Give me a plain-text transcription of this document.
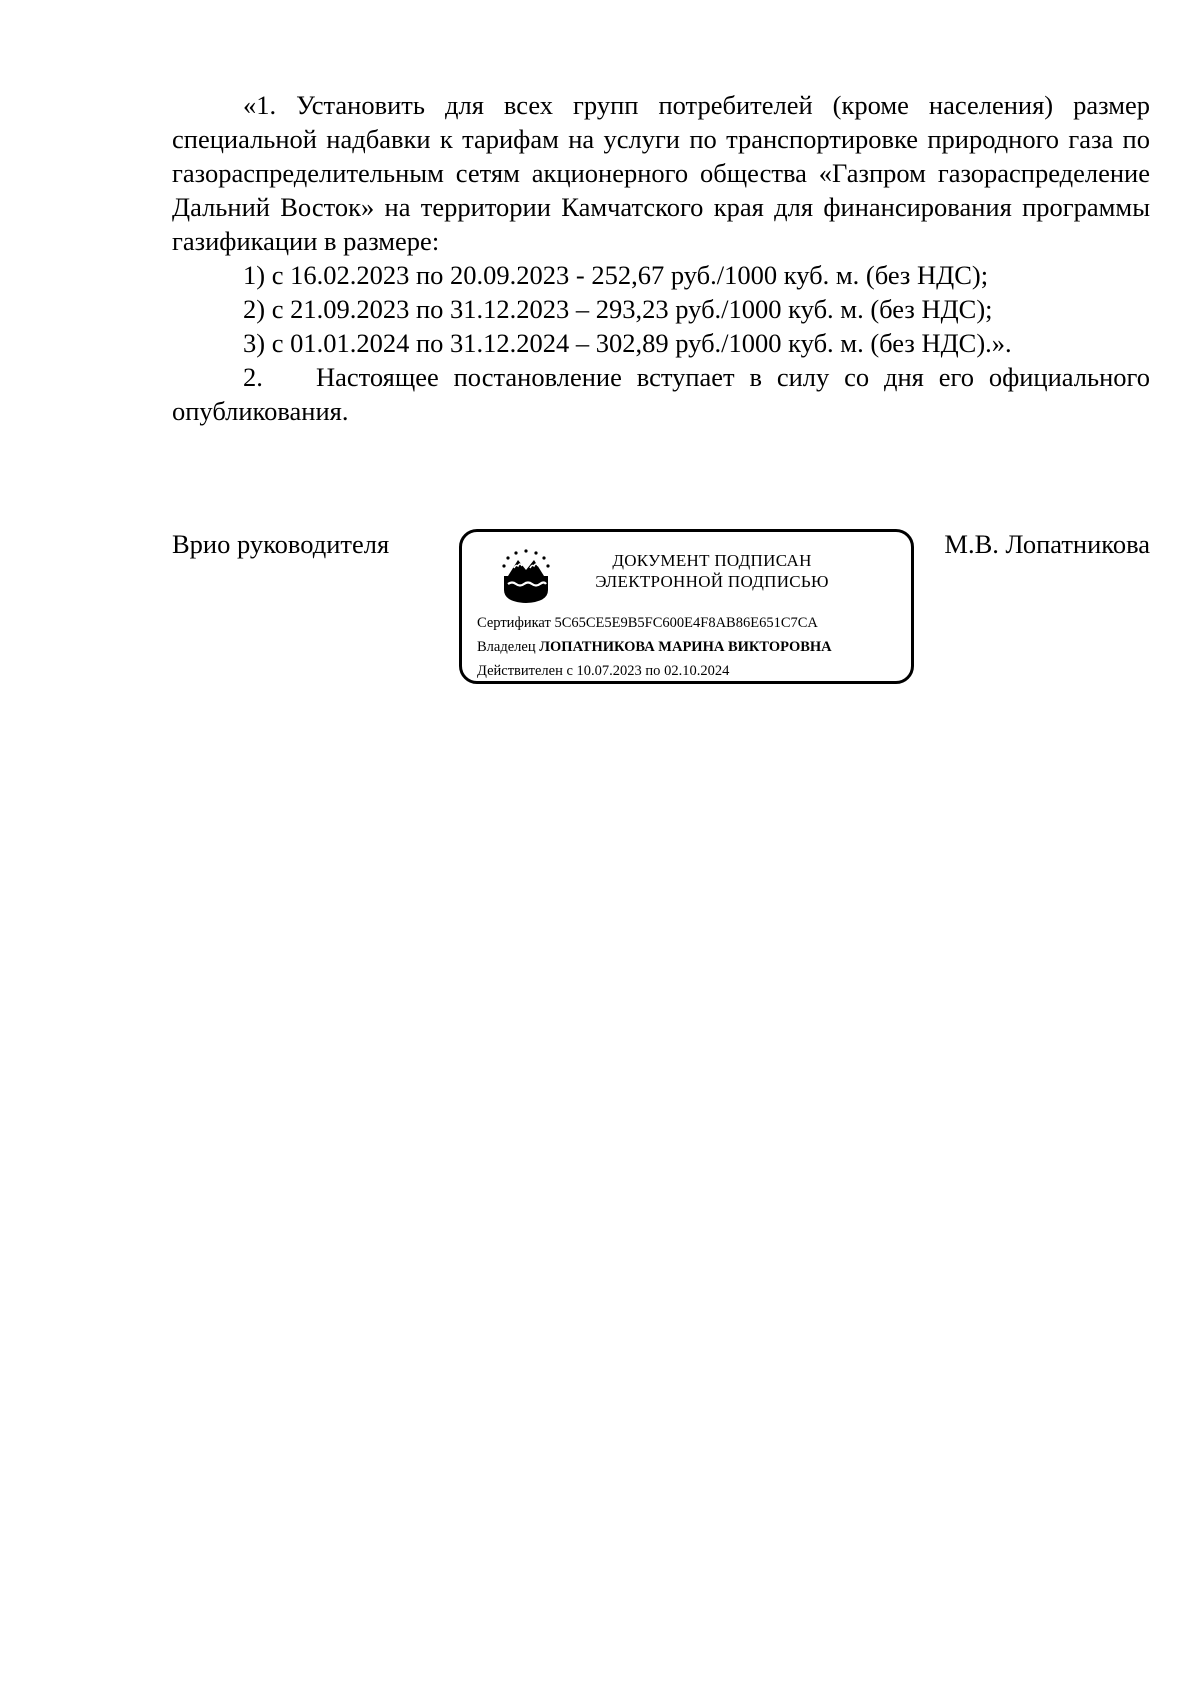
«1. Установить для всех групп потребителей (кроме населения) размер специальной надбавки к тарифам на услуги по транспортировке природного газа по газораспределительным сетям акционерного общества «Газпром газораспределение Дальний Восток» на территории Камчатского края для финансирования программы газификации в размере:

1) с 16.02.2023 по 20.09.2023 - 252,67 руб./1000 куб. м. (без НДС);

2) с 21.09.2023 по 31.12.2023 – 293,23 руб./1000 куб. м. (без НДС);

3) с 01.01.2024 по 31.12.2024 – 302,89 руб./1000 куб. м. (без НДС).».

2. Настоящее постановление вступает в силу со дня его официального опубликования.

Врио руководителя	М.В. Лопатникова
ДОКУМЕНТ ПОДПИСАН
ЭЛЕКТРОННОЙ ПОДПИСЬЮ
Сертификат 5C65CE5E9B5FC600E4F8AB86E651C7CA
Владелец ЛОПАТНИКОВА МАРИНА ВИКТОРОВНА
Действителен с 10.07.2023 по 02.10.2024
